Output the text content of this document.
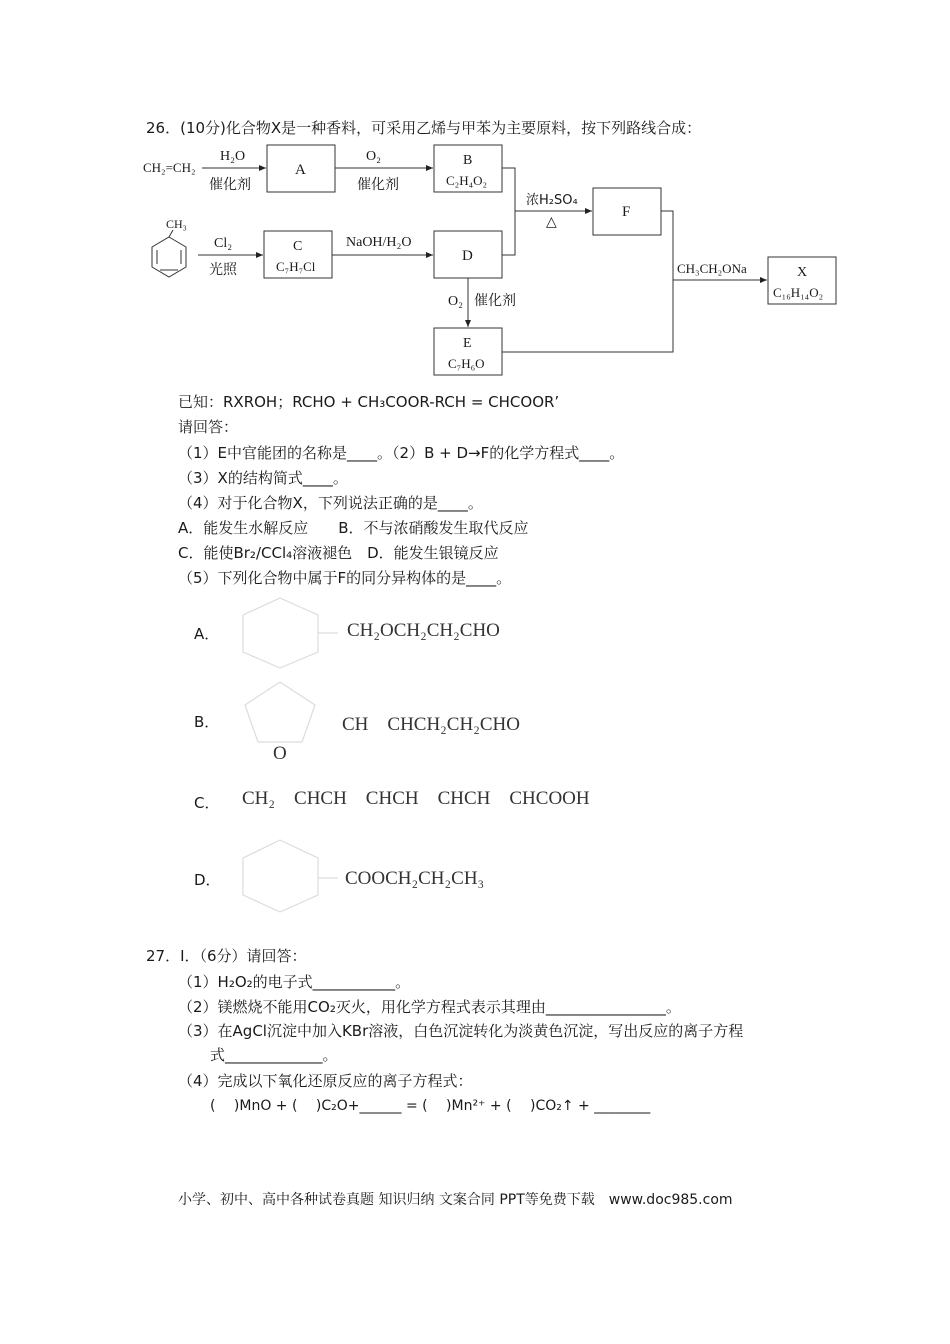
26．(10分)化合物X是一种香料，可采用乙烯与甲苯为主要原料，按下列路线合成：
CH₂=CH₂
CH₃
H₂O
催化剂
A
O₂
催化剂
B
C₂H₄O₂
浓H₂SO₄
△
F
Cl₂
光照
C
C₇H₇Cl
NaOH/H₂O
D
O₂ 催化剂
E
C₇H₆O
CH₃CH₂ONa	X
C₁₆H₁₄O₂
已知：RXROH；RCHO + CH₃COOR-RCH = CHCOOR’
请回答：
（1）E中官能团的名称是____。（2）B + D→F的化学方程式____。
（3）X的结构简式____。
（4）对于化合物X，下列说法正确的是____。
A．能发生水解反应　　B．不与浓硝酸发生取代反应
C．能使Br₂/CCl₄溶液褪色　D．能发生银镜反应
（5）下列化合物中属于F的同分异构体的是____。
A．	CH₂OCH₂CH₂CHO
B．	CH　CHCH₂CH₂CHO
O
C． CH₂　CHCH　CHCH　CHCH　CHCOOH
D．	COOCH₂CH₂CH₃
27．I．（6分）请回答：
（1）H₂O₂的电子式___________。
（2）镁燃烧不能用CO₂灭火，用化学方程式表示其理由________________。
（3）在AgCl沉淀中加入KBr溶液，白色沉淀转化为淡黄色沉淀，写出反应的离子方程
式_____________。
（4）完成以下氧化还原反应的离子方程式：
(　 )MnO + (　 )C₂O+______ = (　 )Mn²⁺ + (　 )CO₂↑ + ________
小学、初中、高中各种试卷真题 知识归纳 文案合同 PPT等免费下载　www.doc985.com
